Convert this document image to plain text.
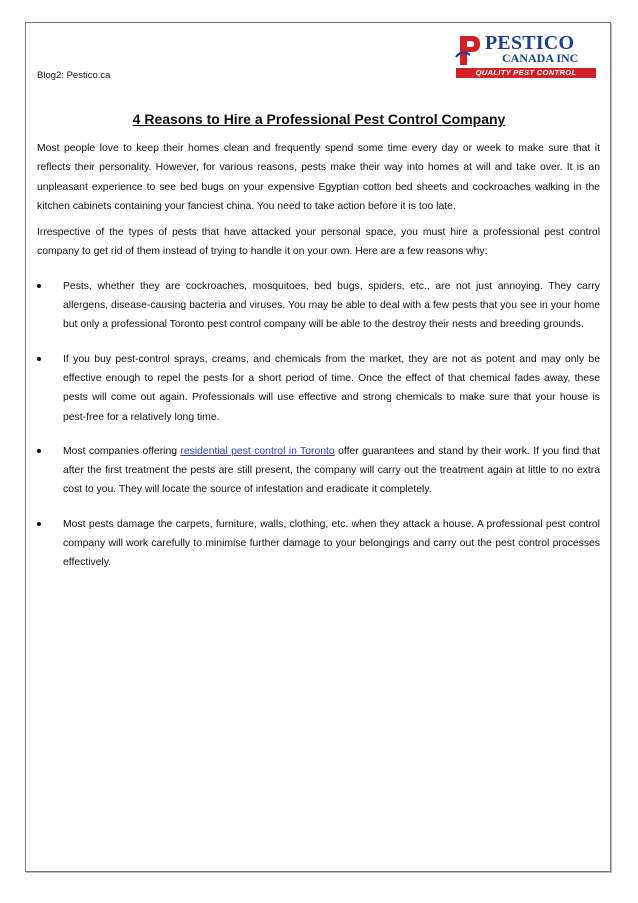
Blog2: Pestico.ca
PESTICO
CANADA INC
QUALITY PEST CONTROL
4 Reasons to Hire a Professional Pest Control Company

Most people love to keep their homes clean and frequently spend some time every day or week to make sure that it reflects their personality. However, for various reasons, pests make their way into homes at will and take over. It is an unpleasant experience to see bed bugs on your expensive Egyptian cotton bed sheets and cockroaches walking in the kitchen cabinets containing your fanciest china. You need to take action before it is too late.

Irrespective of the types of pests that have attacked your personal space, you must hire a professional pest control company to get rid of them instead of trying to handle it on your own. Here are a few reasons why:

Pests, whether they are cockroaches, mosquitoes, bed bugs, spiders, etc., are not just annoying. They carry allergens, disease-causing bacteria and viruses. You may be able to deal with a few pests that you see in your home but only a professional Toronto pest control company will be able to the destroy their nests and breeding grounds.
If you buy pest-control sprays, creams, and chemicals from the market, they are not as potent and may only be effective enough to repel the pests for a short period of time. Once the effect of that chemical fades away, these pests will come out again. Professionals will use effective and strong chemicals to make sure that your house is pest-free for a relatively long time.
Most companies offering residential pest control in Toronto offer guarantees and stand by their work. If you find that after the first treatment the pests are still present, the company will carry out the treatment again at little to no extra cost to you. They will locate the source of infestation and eradicate it completely.
Most pests damage the carpets, furniture, walls, clothing, etc. when they attack a house. A professional pest control company will work carefully to minimise further damage to your belongings and carry out the pest control processes effectively.
